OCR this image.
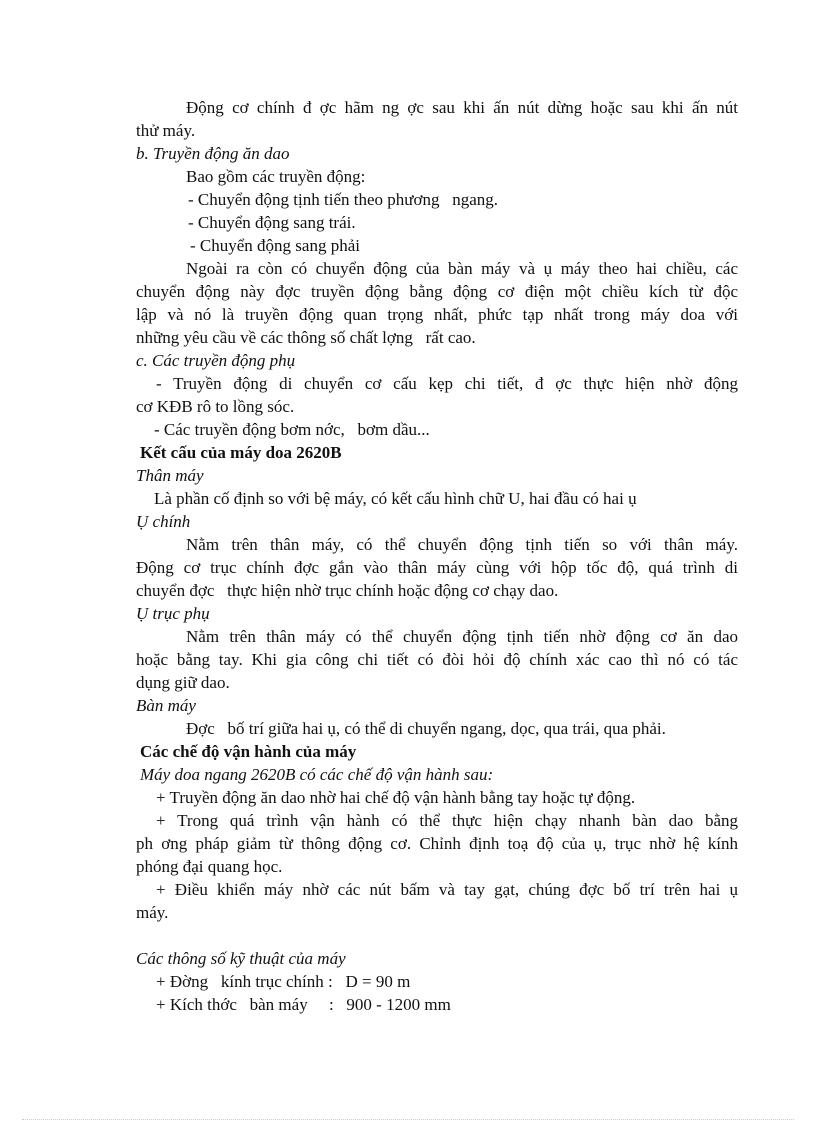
Động cơ chính đ ợc hãm ng ợc sau khi ấn nút dừng hoặc sau khi ấn nút
thử máy.
b. Truyền động ăn dao
Bao gồm các truyền động:
- Chuyển động tịnh tiến theo phương   ngang.
- Chuyển động sang trái.
- Chuyển động sang phải
Ngoài ra còn có chuyển động của bàn máy và ụ máy theo hai chiều, các
chuyển động này đợc truyền động bằng động cơ điện một chiều kích từ độc
lập và nó là truyền động quan trọng nhất, phức tạp nhất trong máy doa với
những yêu cầu về các thông số chất lợng   rất cao.
c. Các truyền động phụ
- Truyền động di chuyển cơ cấu kẹp chi tiết, đ ợc thực hiện nhờ động
cơ KĐB rô to lồng sóc.
- Các truyền động bơm nớc,   bơm dầu...
Kết cấu của máy doa 2620B
Thân máy
Là phần cố định so với bệ máy, có kết cấu hình chữ U, hai đầu có hai ụ
Ụ chính
Nằm trên thân máy, có thể chuyển động tịnh tiến so với thân máy.
Động cơ trục chính đợc gắn vào thân máy cùng với hộp tốc độ, quá trình di
chuyển đợc   thực hiện nhờ trục chính hoặc động cơ chạy dao.
Ụ trục phụ
Nằm trên thân máy có thể chuyển động tịnh tiến nhờ động cơ ăn dao
hoặc bằng tay. Khi gia công chi tiết có đòi hỏi độ chính xác cao thì nó có tác
dụng giữ dao.
Bàn máy
Đợc   bố trí giữa hai ụ, có thể di chuyển ngang, dọc, qua trái, qua phải.
Các chế độ vận hành của máy
Máy doa ngang 2620B có các chế độ vận hành sau:
+ Truyền động ăn dao nhờ hai chế độ vận hành bằng tay hoặc tự động.
+ Trong quá trình vận hành có thể thực hiện chạy nhanh bàn dao bằng
ph ơng pháp giảm từ thông động cơ. Chỉnh định toạ độ của ụ, trục nhờ hệ kính
phóng đại quang học.
+ Điều khiển máy nhờ các nút bấm và tay gạt, chúng đợc bố trí trên hai ụ
máy.
Các thông số kỹ thuật của máy
+ Đờng   kính trục chính :   D = 90 m
+ Kích thớc   bàn máy     :   900 - 1200 mm
